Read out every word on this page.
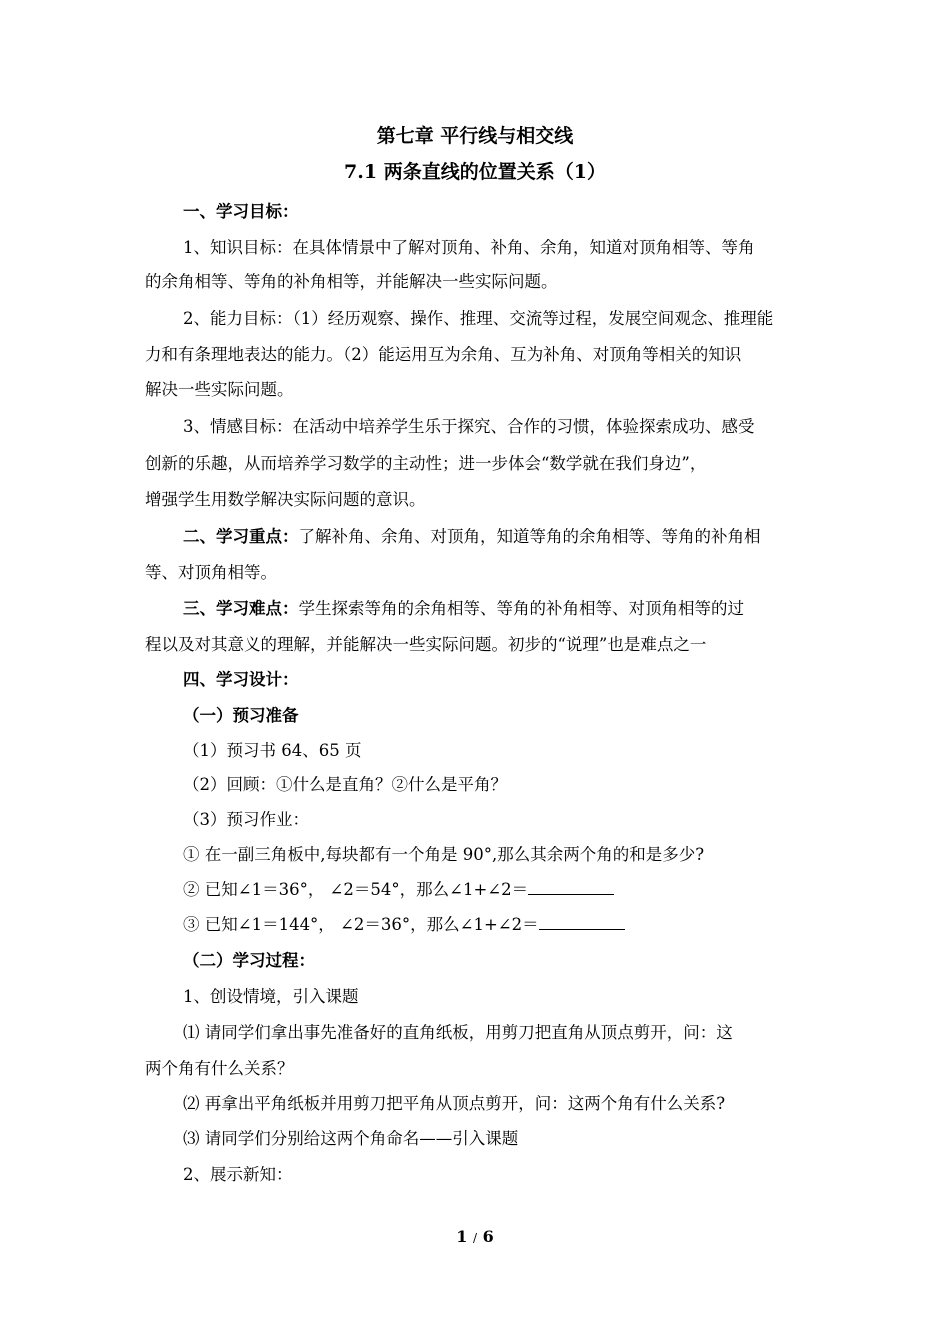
第七章 平行线与相交线
7.1 两条直线的位置关系（1）
一、学习目标：
1、知识目标：在具体情景中了解对顶角、补角、余角，知道对顶角相等、等角
的余角相等、等角的补角相等，并能解决一些实际问题。
2、能力目标：（1）经历观察、操作、推理、交流等过程，发展空间观念、推理能
力和有条理地表达的能力。（2）能运用互为余角、互为补角、对顶角等相关的知识
解决一些实际问题。
3、情感目标：在活动中培养学生乐于探究、合作的习惯，体验探索成功、感受
创新的乐趣，从而培养学习数学的主动性；进一步体会“数学就在我们身边”，
增强学生用数学解决实际问题的意识。
二、学习重点：了解补角、余角、对顶角，知道等角的余角相等、等角的补角相
等、对顶角相等。
三、学习难点：学生探索等角的余角相等、等角的补角相等、对顶角相等的过
程以及对其意义的理解，并能解决一些实际问题。初步的“说理”也是难点之一
四、学习设计：
（一）预习准备
（1）预习书 64、65 页
（2）回顾：①什么是直角？②什么是平角？
（3）预习作业：
① 在一副三角板中,每块都有一个角是 90°,那么其余两个角的和是多少?
② 已知∠1＝36°， ∠2＝54°，那么∠1+∠2＝
③ 已知∠1＝144°， ∠2＝36°，那么∠1+∠2＝
（二）学习过程：
1、创设情境，引入课题
⑴ 请同学们拿出事先准备好的直角纸板，用剪刀把直角从顶点剪开，问：这
两个角有什么关系？
⑵ 再拿出平角纸板并用剪刀把平角从顶点剪开，问：这两个角有什么关系?
⑶ 请同学们分别给这两个角命名——引入课题
2、展示新知：
1 / 6
